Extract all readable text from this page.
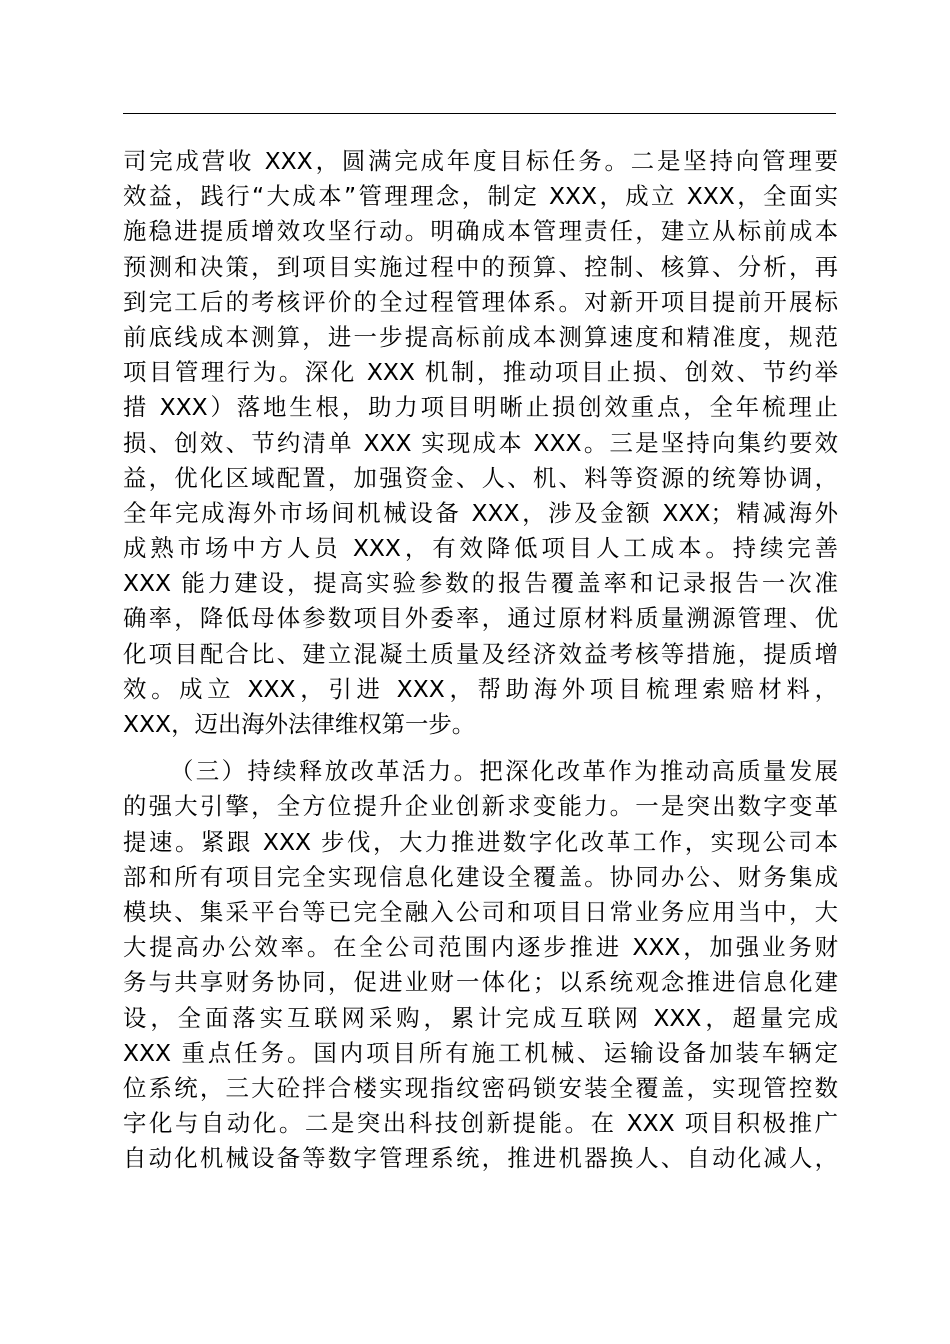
司完成营收 XXX，圆满完成年度目标任务。二是坚持向管理要
效益，践行“大成本”管理理念，制定 XXX，成立 XXX，全面实
施稳进提质增效攻坚行动。明确成本管理责任，建立从标前成本
预测和决策，到项目实施过程中的预算、控制、核算、分析，再
到完工后的考核评价的全过程管理体系。对新开项目提前开展标
前底线成本测算，进一步提高标前成本测算速度和精准度，规范
项目管理行为。深化 XXX 机制，推动项目止损、创效、节约举
措 XXX）落地生根，助力项目明晰止损创效重点，全年梳理止
损、创效、节约清单 XXX 实现成本 XXX。三是坚持向集约要效
益，优化区域配置，加强资金、人、机、料等资源的统筹协调，
全年完成海外市场间机械设备 XXX，涉及金额 XXX；精减海外
成熟市场中方人员 XXX，有效降低项目人工成本。持续完善
XXX 能力建设，提高实验参数的报告覆盖率和记录报告一次准
确率，降低母体参数项目外委率，通过原材料质量溯源管理、优
化项目配合比、建立混凝土质量及经济效益考核等措施，提质增
效。成立 XXX，引进 XXX，帮助海外项目梳理索赔材料，
XXX，迈出海外法律维权第一步。
（三）持续释放改革活力。把深化改革作为推动高质量发展
的强大引擎，全方位提升企业创新求变能力。一是突出数字变革
提速。紧跟 XXX 步伐，大力推进数字化改革工作，实现公司本
部和所有项目完全实现信息化建设全覆盖。协同办公、财务集成
模块、集采平台等已完全融入公司和项目日常业务应用当中，大
大提高办公效率。在全公司范围内逐步推进 XXX，加强业务财
务与共享财务协同，促进业财一体化；以系统观念推进信息化建
设，全面落实互联网采购，累计完成互联网 XXX，超量完成
XXX 重点任务。国内项目所有施工机械、运输设备加装车辆定
位系统，三大砼拌合楼实现指纹密码锁安装全覆盖，实现管控数
字化与自动化。二是突出科技创新提能。在 XXX 项目积极推广
自动化机械设备等数字管理系统，推进机器换人、自动化减人，
